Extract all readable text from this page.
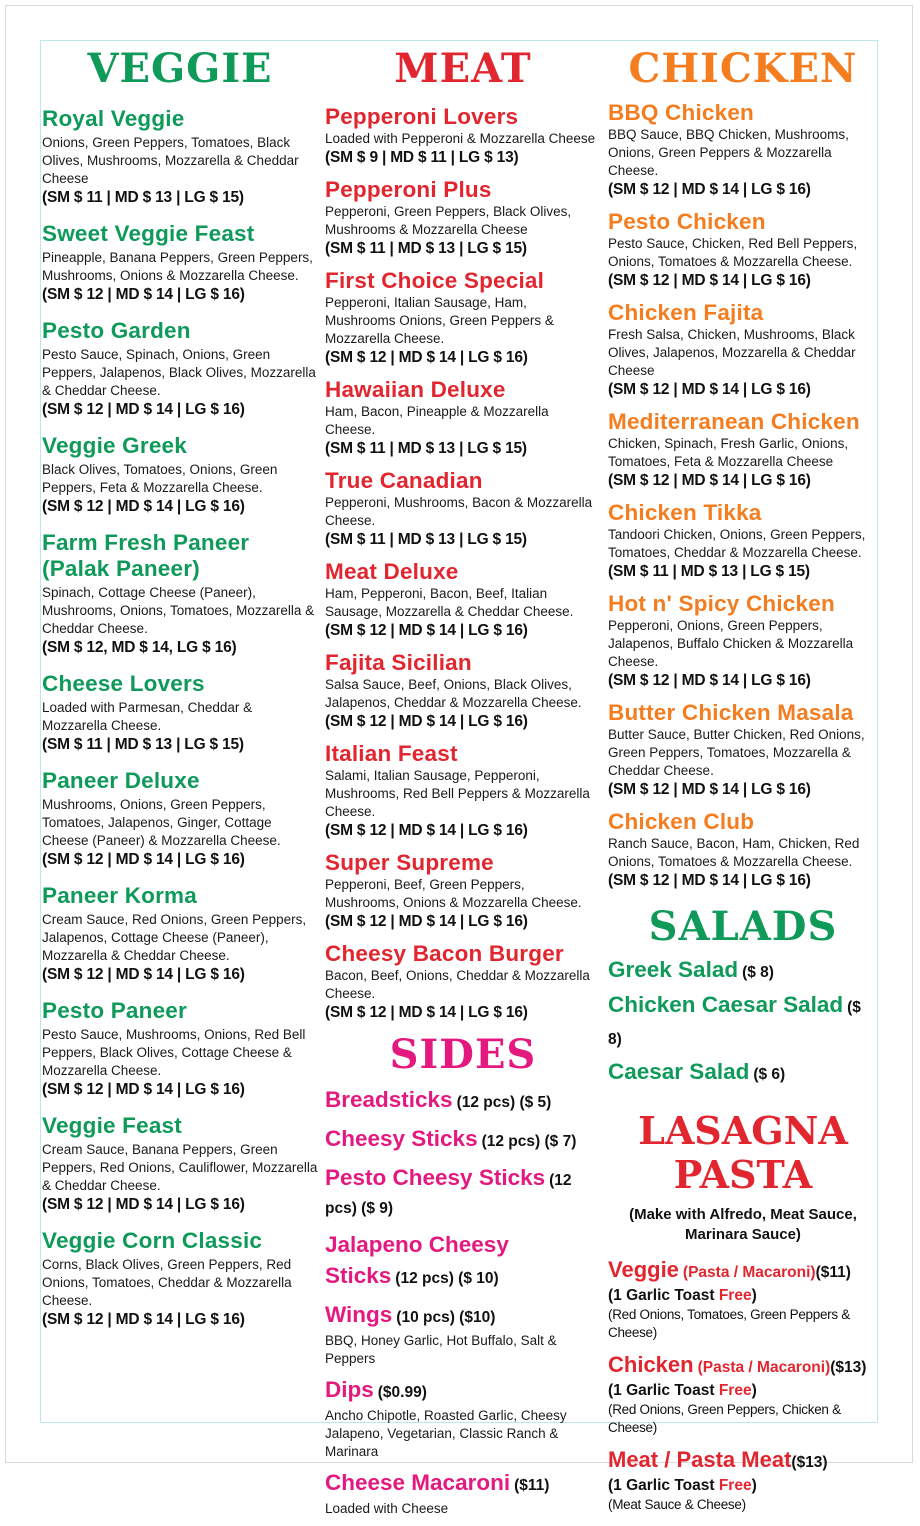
VEGGIE
Royal Veggie
Onions, Green Peppers, Tomatoes, Black Olives, Mushrooms, Mozzarella & Cheddar Cheese
(SM $ 11 | MD $ 13 | LG $ 15)
Sweet Veggie Feast
Pineapple, Banana Peppers, Green Peppers, Mushrooms, Onions & Mozzarella Cheese.
(SM $ 12 | MD $ 14 | LG $ 16)
Pesto Garden
Pesto Sauce, Spinach, Onions, Green Peppers, Jalapenos, Black Olives, Mozzarella & Cheddar Cheese.
(SM $ 12 | MD $ 14 | LG $ 16)
Veggie Greek
Black Olives, Tomatoes, Onions, Green Peppers, Feta & Mozzarella Cheese.
(SM $ 12 | MD $ 14 | LG $ 16)
Farm Fresh Paneer (Palak Paneer)
Spinach, Cottage Cheese (Paneer), Mushrooms, Onions, Tomatoes, Mozzarella & Cheddar Cheese.
(SM $ 12, MD $ 14, LG $ 16)
Cheese Lovers
Loaded with Parmesan, Cheddar & Mozzarella Cheese.
(SM $ 11 | MD $ 13 | LG $ 15)
Paneer Deluxe
Mushrooms, Onions, Green Peppers, Tomatoes, Jalapenos, Ginger, Cottage Cheese (Paneer) & Mozzarella Cheese.
(SM $ 12 | MD $ 14 | LG $ 16)
Paneer Korma
Cream Sauce, Red Onions, Green Peppers, Jalapenos, Cottage Cheese (Paneer), Mozzarella & Cheddar Cheese.
(SM $ 12 | MD $ 14 | LG $ 16)
Pesto Paneer
Pesto Sauce, Mushrooms, Onions, Red Bell Peppers, Black Olives, Cottage Cheese & Mozzarella Cheese.
(SM $ 12 | MD $ 14 | LG $ 16)
Veggie Feast
Cream Sauce, Banana Peppers, Green Peppers, Red Onions, Cauliflower, Mozzarella & Cheddar Cheese.
(SM $ 12 | MD $ 14 | LG $ 16)
Veggie Corn Classic
Corns, Black Olives, Green Peppers, Red Onions, Tomatoes, Cheddar & Mozzarella Cheese.
(SM $ 12 | MD $ 14 | LG $ 16)
MEAT
Pepperoni Lovers
Loaded with Pepperoni & Mozzarella Cheese
(SM $ 9 | MD $ 11 | LG $ 13)
Pepperoni Plus
Pepperoni, Green Peppers, Black Olives, Mushrooms & Mozzarella Cheese
(SM $ 11 | MD $ 13 | LG $ 15)
First Choice Special
Pepperoni, Italian Sausage, Ham, Mushrooms Onions, Green Peppers & Mozzarella Cheese.
(SM $ 12 | MD $ 14 | LG $ 16)
Hawaiian Deluxe
Ham, Bacon, Pineapple & Mozzarella Cheese.
(SM $ 11 | MD $ 13 | LG $ 15)
True Canadian
Pepperoni, Mushrooms, Bacon & Mozzarella Cheese.
(SM $ 11 | MD $ 13 | LG $ 15)
Meat Deluxe
Ham, Pepperoni, Bacon, Beef, Italian Sausage, Mozzarella & Cheddar Cheese.
(SM $ 12 | MD $ 14 | LG $ 16)
Fajita Sicilian
Salsa Sauce, Beef, Onions, Black Olives, Jalapenos, Cheddar & Mozzarella Cheese.
(SM $ 12 | MD $ 14 | LG $ 16)
Italian Feast
Salami, Italian Sausage, Pepperoni, Mushrooms, Red Bell Peppers & Mozzarella Cheese.
(SM $ 12 | MD $ 14 | LG $ 16)
Super Supreme
Pepperoni, Beef, Green Peppers, Mushrooms, Onions & Mozzarella Cheese.
(SM $ 12 | MD $ 14 | LG $ 16)
Cheesy Bacon Burger
Bacon, Beef, Onions, Cheddar & Mozzarella Cheese.
(SM $ 12 | MD $ 14 | LG $ 16)
SIDES
Breadsticks (12 pcs) ($ 5)
Cheesy Sticks (12 pcs) ($ 7)
Pesto Cheesy Sticks (12 pcs) ($ 9)
Jalapeno Cheesy Sticks (12 pcs) ($ 10)
Wings (10 pcs) ($10)
BBQ, Honey Garlic, Hot Buffalo, Salt & Peppers
Dips ($0.99)
Ancho Chipotle, Roasted Garlic, Cheesy Jalapeno, Vegetarian, Classic Ranch & Marinara
Cheese Macaroni ($11)
Loaded with Cheese
CHICKEN
BBQ Chicken
BBQ Sauce, BBQ Chicken, Mushrooms, Onions, Green Peppers & Mozzarella Cheese.
(SM $ 12 | MD $ 14 | LG $ 16)
Pesto Chicken
Pesto Sauce, Chicken, Red Bell Peppers, Onions, Tomatoes & Mozzarella Cheese.
(SM $ 12 | MD $ 14 | LG $ 16)
Chicken Fajita
Fresh Salsa, Chicken, Mushrooms, Black Olives, Jalapenos, Mozzarella & Cheddar Cheese
(SM $ 12 | MD $ 14 | LG $ 16)
Mediterranean Chicken
Chicken, Spinach, Fresh Garlic, Onions, Tomatoes, Feta & Mozzarella Cheese
(SM $ 12 | MD $ 14 | LG $ 16)
Chicken Tikka
Tandoori Chicken, Onions, Green Peppers, Tomatoes, Cheddar & Mozzarella Cheese.
(SM $ 11 | MD $ 13 | LG $ 15)
Hot n' Spicy Chicken
Pepperoni, Onions, Green Peppers, Jalapenos, Buffalo Chicken & Mozzarella Cheese.
(SM $ 12 | MD $ 14 | LG $ 16)
Butter Chicken Masala
Butter Sauce, Butter Chicken, Red Onions, Green Peppers, Tomatoes, Mozzarella & Cheddar Cheese.
(SM $ 12 | MD $ 14 | LG $ 16)
Chicken Club
Ranch Sauce, Bacon, Ham, Chicken, Red Onions, Tomatoes & Mozzarella Cheese.
(SM $ 12 | MD $ 14 | LG $ 16)
SALADS
Greek Salad ($ 8)
Chicken Caesar Salad ($ 8)
Caesar Salad ($ 6)
LASAGNA
PASTA
(Make with Alfredo, Meat Sauce, Marinara Sauce)
Veggie (Pasta / Macaroni)($11)
(1 Garlic Toast Free)
(Red Onions, Tomatoes, Green Peppers & Cheese)
Chicken (Pasta / Macaroni)($13)
(1 Garlic Toast Free)
(Red Onions, Green Peppers, Chicken & Cheese)
Meat / Pasta Meat($13)
(1 Garlic Toast Free)
(Meat Sauce & Cheese)
